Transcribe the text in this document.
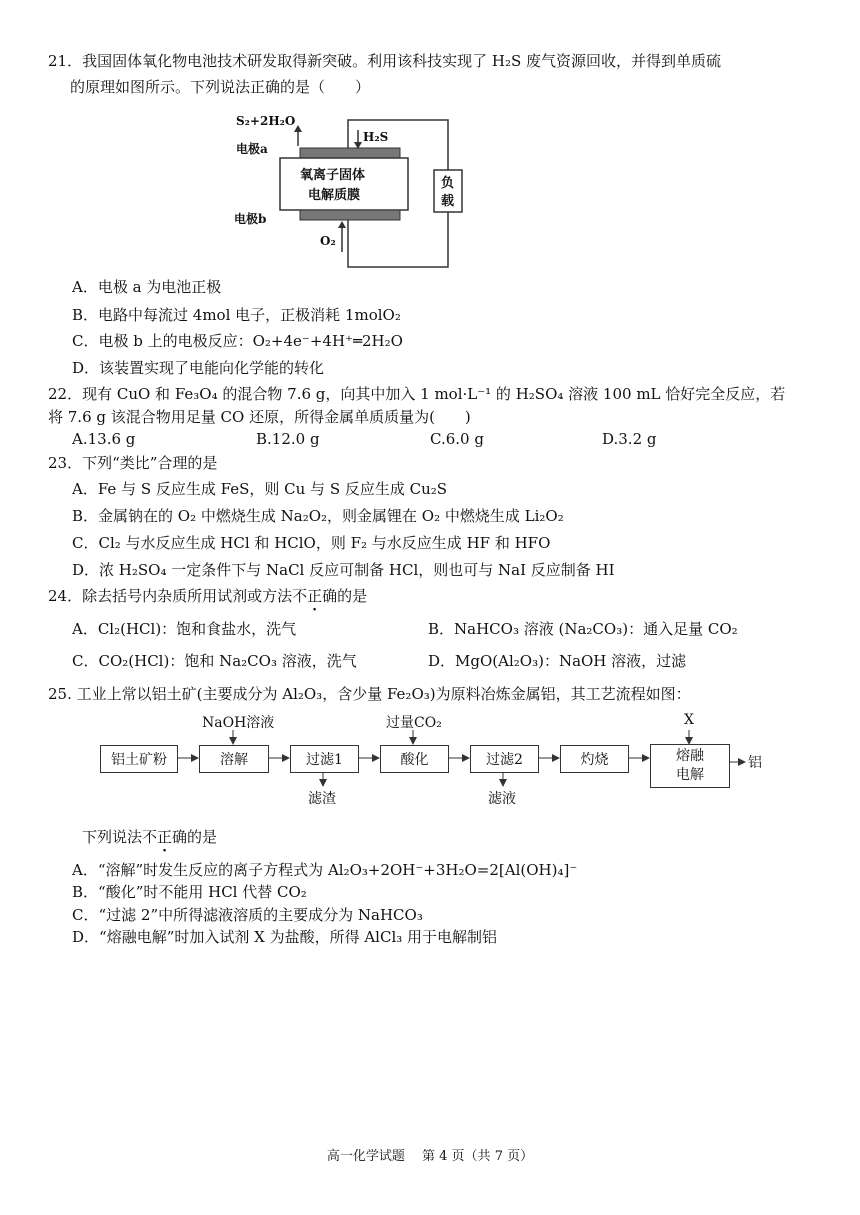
21．我国固体氧化物电池技术研发取得新突破。利用该科技实现了 H₂S 废气资源回收，并得到单质硫
的原理如图所示。下列说法正确的是（　　）
S₂+2H₂O
H₂S
电极a
电极b
氧离子固体
电解质膜
O₂
负
载
A．电极 a 为电池正极
B．电路中每流过 4mol 电子，正极消耗 1molO₂
C．电极 b 上的电极反应：O₂+4e⁻+4H⁺═2H₂O
D．该装置实现了电能向化学能的转化
22．现有 CuO 和 Fe₃O₄ 的混合物 7.6 g，向其中加入 1 mol·L⁻¹ 的 H₂SO₄ 溶液 100 mL 恰好完全反应，若
将 7.6 g 该混合物用足量 CO 还原，所得金属单质质量为(　　)
A.13.6 g	B.12.0 g	C.6.0 g	D.3.2 g
23．下列“类比”合理的是
A．Fe 与 S 反应生成 FeS，则 Cu 与 S 反应生成 Cu₂S
B．金属钠在的 O₂ 中燃烧生成 Na₂O₂，则金属锂在 O₂ 中燃烧生成 Li₂O₂
C．Cl₂ 与水反应生成 HCl 和 HClO，则 F₂ 与水反应生成 HF 和 HFO
D．浓 H₂SO₄ 一定条件下与 NaCl 反应可制备 HCl，则也可与 NaI 反应制备 HI
24．除去括号内杂质所用试剂或方法不正确的是
A．Cl₂(HCl)：饱和食盐水，洗气	B．NaHCO₃ 溶液 (Na₂CO₃)：通入足量 CO₂
C．CO₂(HCl)：饱和 Na₂CO₃ 溶液，洗气	D．MgO(Al₂O₃)：NaOH 溶液，过滤
25. 工业上常以铝土矿(主要成分为 Al₂O₃，含少量 Fe₂O₃)为原料冶炼金属铝，其工艺流程如图：
铝土矿粉	溶解	过滤1	酸化	过滤2	灼烧	熔融
电解
铝
NaOH溶液	过量CO₂	X
滤渣	滤液
下列说法不正确的是
A．“溶解”时发生反应的离子方程式为 Al₂O₃+2OH⁻+3H₂O=2[Al(OH)₄]⁻
B．“酸化”时不能用 HCl 代替 CO₂
C．“过滤 2”中所得滤液溶质的主要成分为 NaHCO₃
D．“熔融电解”时加入试剂 X 为盐酸，所得 AlCl₃ 用于电解制铝
高一化学试题　 第 4 页（共 7 页）
